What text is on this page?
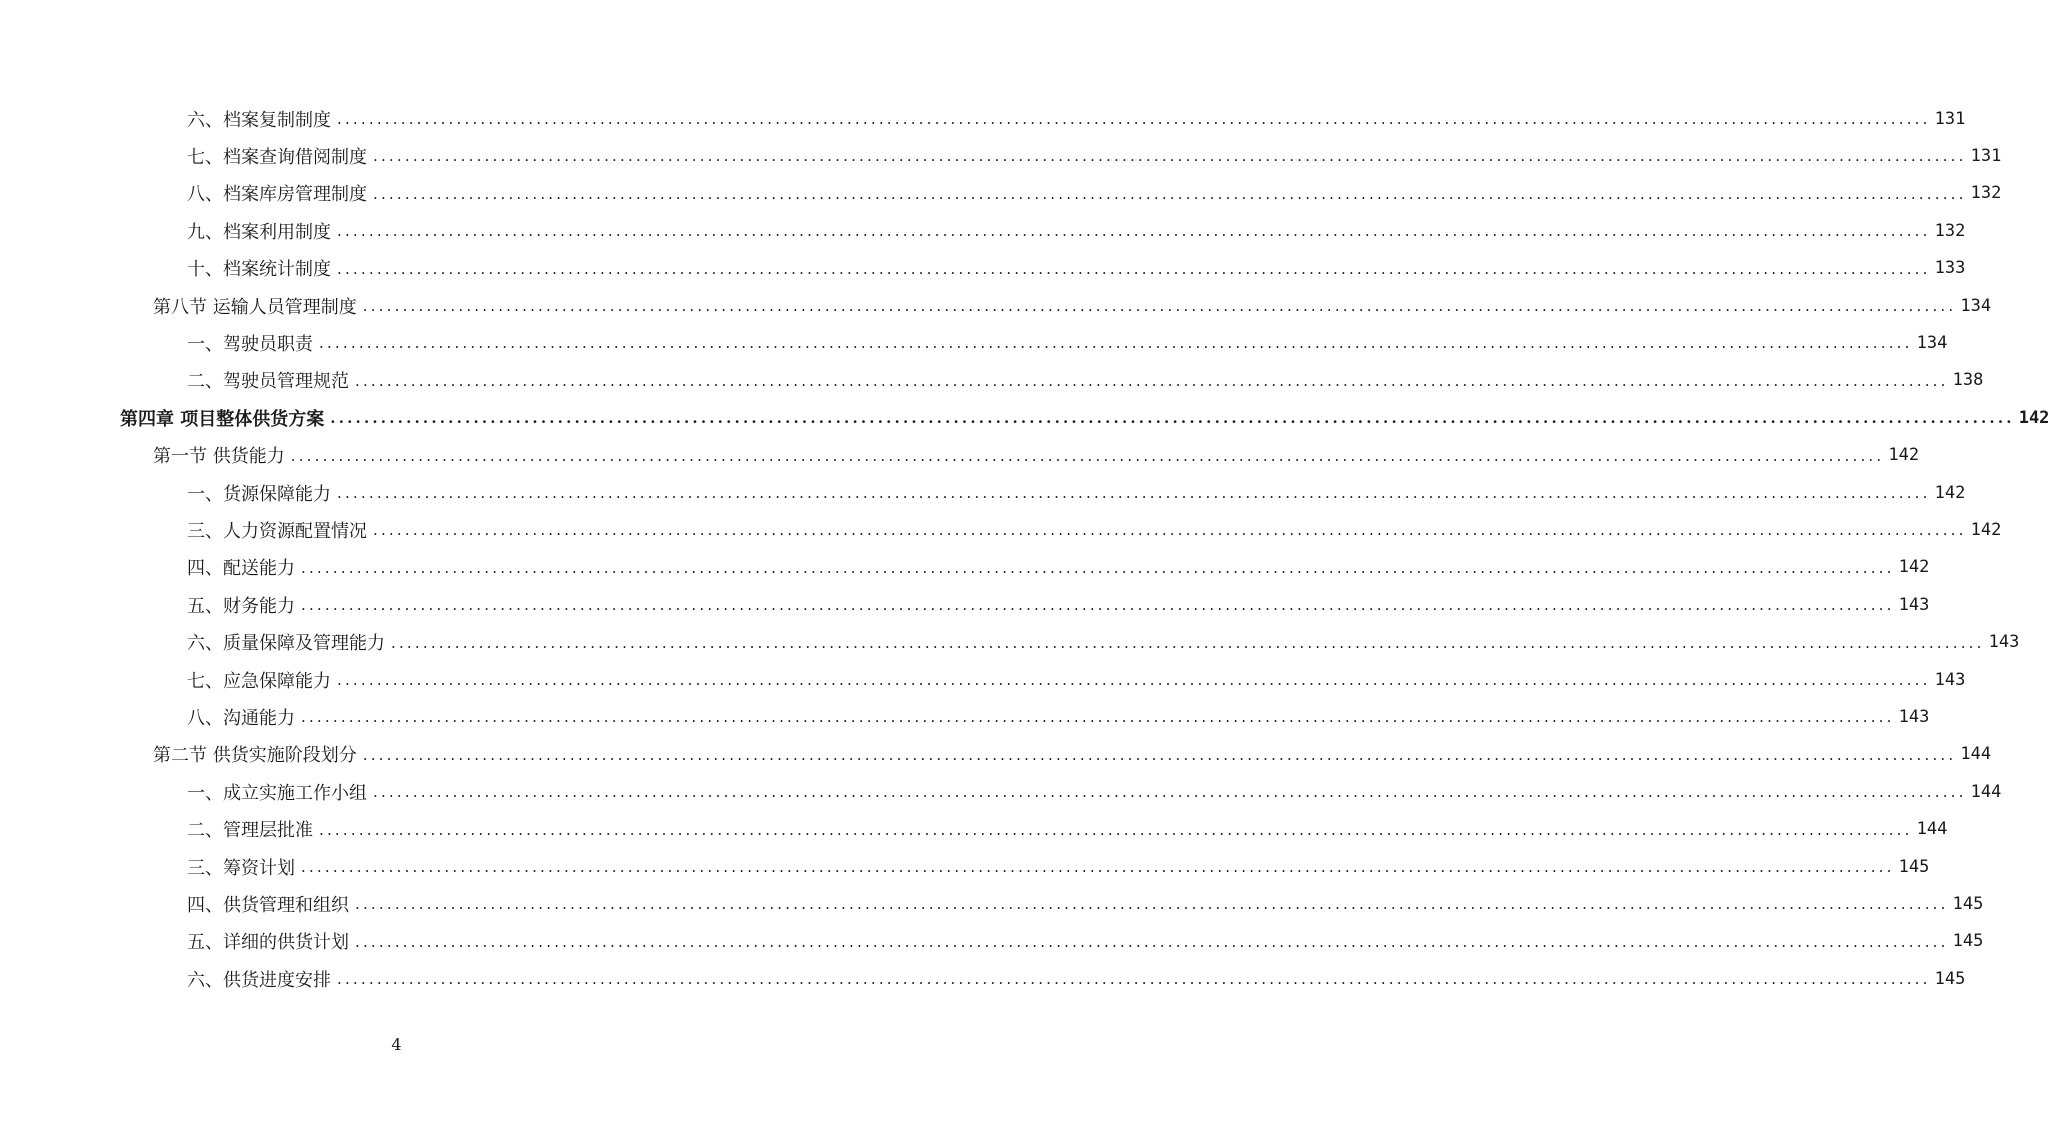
六、档案复制制度 ........................................................................................................................................................................................................ 131
七、档案查询借阅制度 ........................................................................................................................................................................................................ 131
八、档案库房管理制度 ........................................................................................................................................................................................................ 132
九、档案利用制度 ........................................................................................................................................................................................................ 132
十、档案统计制度 ........................................................................................................................................................................................................ 133
第八节 运输人员管理制度 ........................................................................................................................................................................................................ 134
一、驾驶员职责 ........................................................................................................................................................................................................ 134
二、驾驶员管理规范 ........................................................................................................................................................................................................ 138
第四章 项目整体供货方案 ........................................................................................................................................................................................................ 142
第一节 供货能力 ........................................................................................................................................................................................................ 142
一、货源保障能力 ........................................................................................................................................................................................................ 142
三、人力资源配置情况 ........................................................................................................................................................................................................ 142
四、配送能力 ........................................................................................................................................................................................................ 142
五、财务能力 ........................................................................................................................................................................................................ 143
六、质量保障及管理能力 ........................................................................................................................................................................................................ 143
七、应急保障能力 ........................................................................................................................................................................................................ 143
八、沟通能力 ........................................................................................................................................................................................................ 143
第二节 供货实施阶段划分 ........................................................................................................................................................................................................ 144
一、成立实施工作小组 ........................................................................................................................................................................................................ 144
二、管理层批准 ........................................................................................................................................................................................................ 144
三、筹资计划 ........................................................................................................................................................................................................ 145
四、供货管理和组织 ........................................................................................................................................................................................................ 145
五、详细的供货计划 ........................................................................................................................................................................................................ 145
六、供货进度安排 ........................................................................................................................................................................................................ 145
4
